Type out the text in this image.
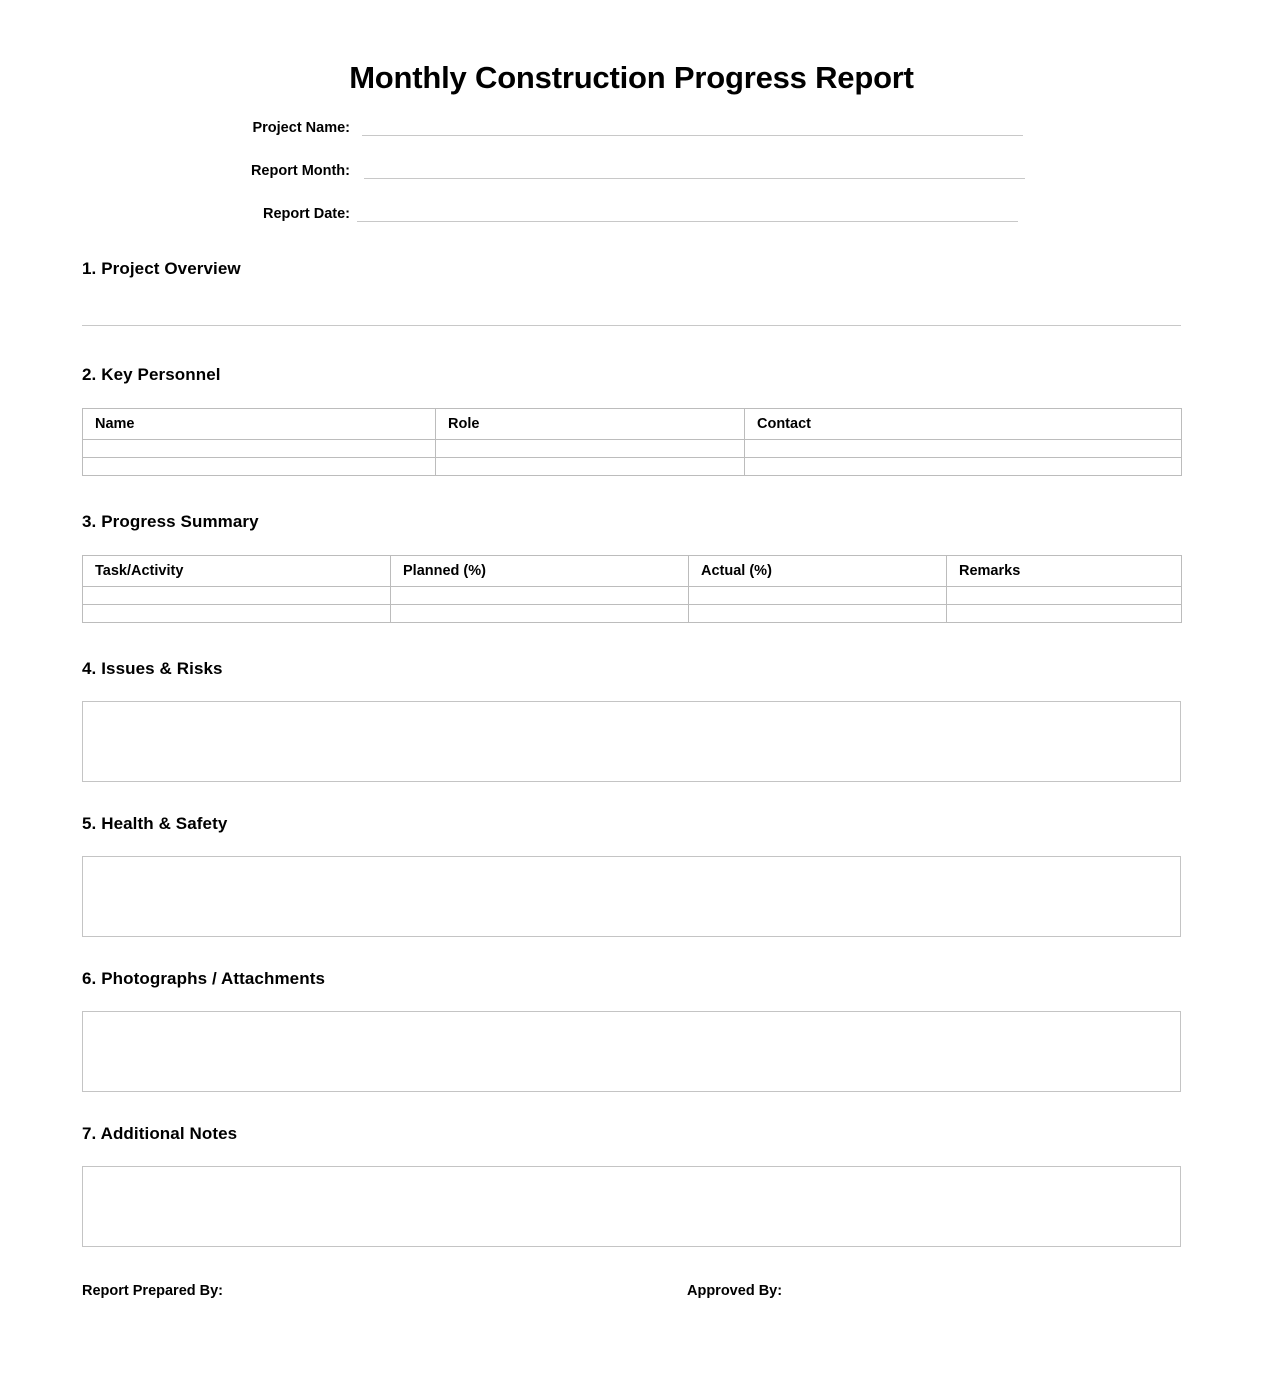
Monthly Construction Progress Report
Project Name:
Report Month:
Report Date:
1. Project Overview
2. Key Personnel
Name	Role	Contact

3. Progress Summary
Task/Activity	Planned (%)	Actual (%)	Remarks

4. Issues & Risks
5. Health & Safety
6. Photographs / Attachments
7. Additional Notes
Report Prepared By:	Approved By:
